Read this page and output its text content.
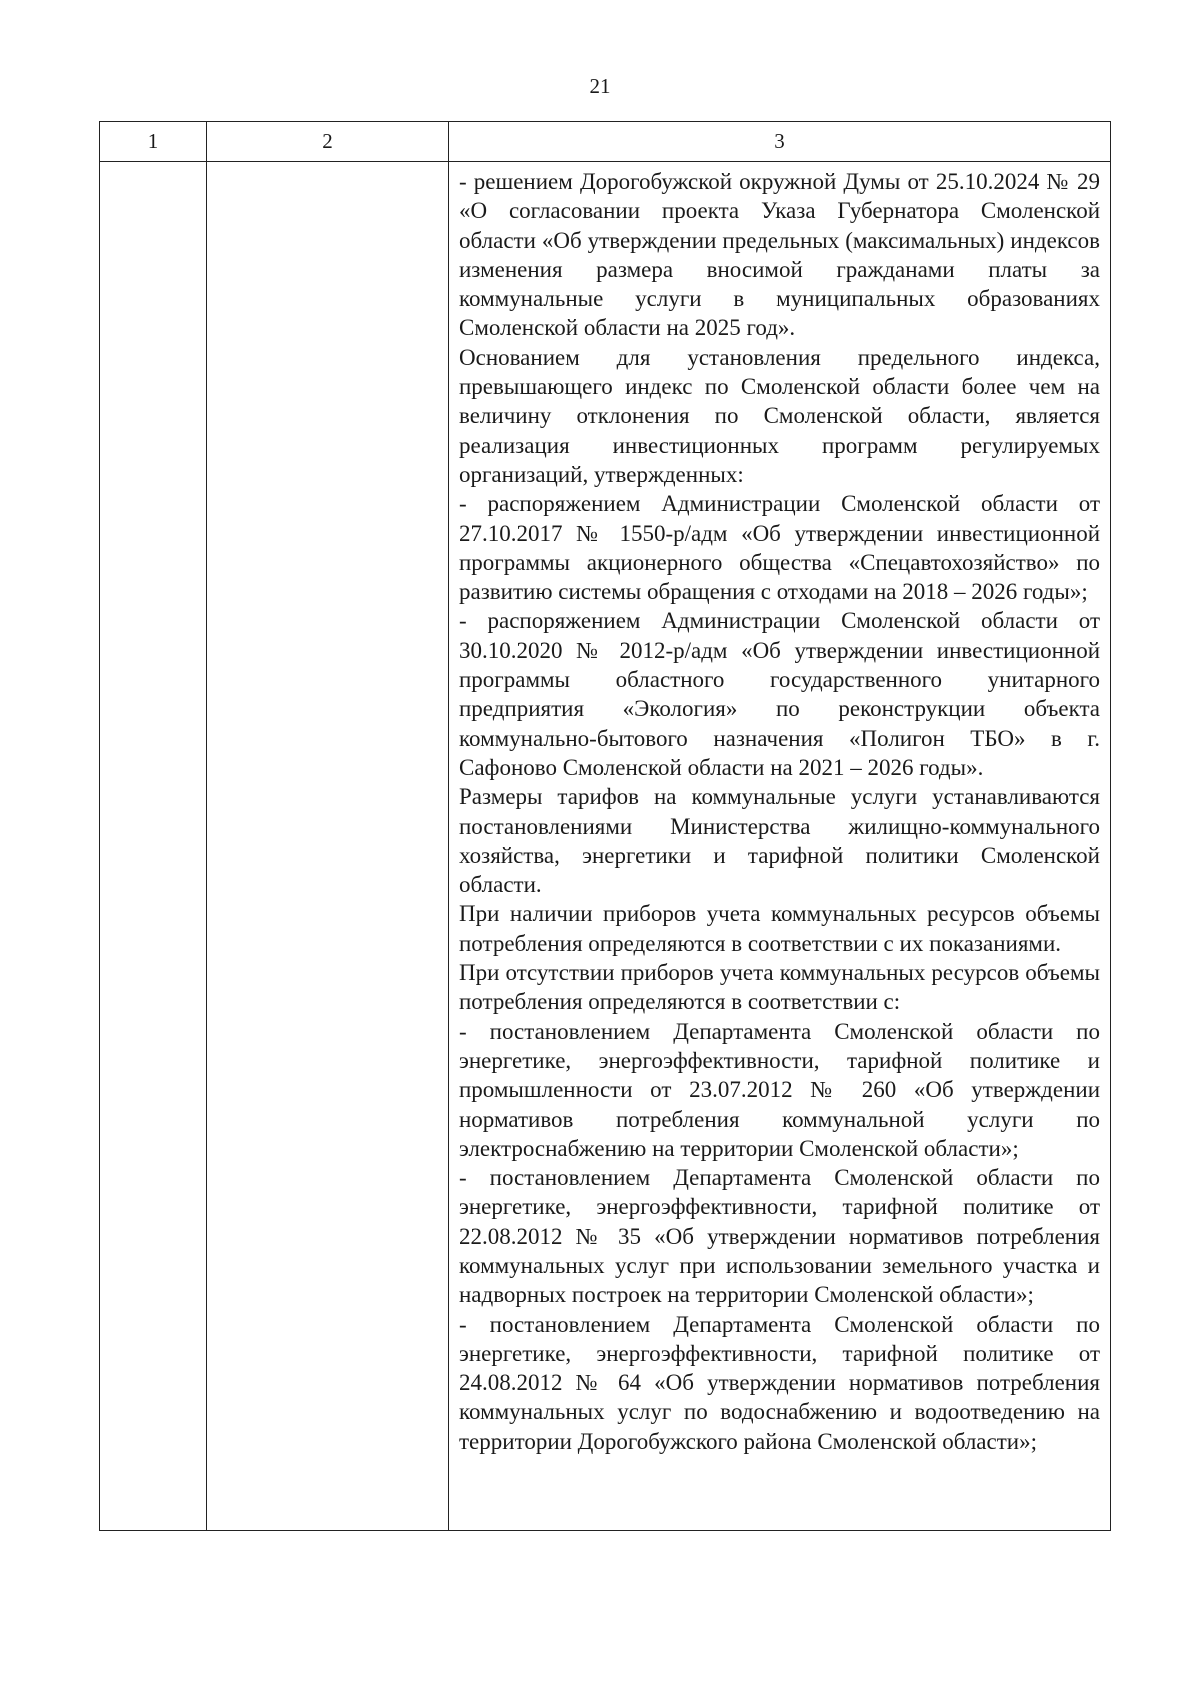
21
1	2	3

- решением Дорогобужской окружной Думы от 25.10.2024 № 29 «О согласовании проекта Указа Губернатора Смоленской области «Об утверждении предельных (максимальных) индексов изменения размера вносимой гражданами платы за коммунальные услуги в муниципальных образованиях Смоленской области на 2025 год».

Основанием для установления предельного индекса, превышающего индекс по Смоленской области более чем на величину отклонения по Смоленской области, является реализация инвестиционных программ регулируемых организаций, утвержденных:

- распоряжением Администрации Смоленской области от 27.10.2017 № 1550-р/адм «Об утверждении инвестиционной программы акционерного общества «Спецавтохозяйство» по развитию системы обращения с отходами на 2018 – 2026 годы»;

- распоряжением Администрации Смоленской области от 30.10.2020 № 2012-р/адм «Об утверждении инвестиционной программы областного государственного унитарного предприятия «Экология» по реконструкции объекта коммунально-бытового назначения «Полигон ТБО» в г. Сафоново Смоленской области на 2021 – 2026 годы».

Размеры тарифов на коммунальные услуги устанавливаются постановлениями Министерства жилищно-коммунального хозяйства, энергетики и тарифной политики Смоленской области.

При наличии приборов учета коммунальных ресурсов объемы потребления определяются в соответствии с их показаниями.

При отсутствии приборов учета коммунальных ресурсов объемы потребления определяются в соответствии с:

- постановлением Департамента Смоленской области по энергетике, энергоэффективности, тарифной политике и промышленности от 23.07.2012 № 260 «Об утверждении нормативов потребления коммунальной услуги по электроснабжению на территории Смоленской области»;

- постановлением Департамента Смоленской области по энергетике, энергоэффективности, тарифной политике от 22.08.2012 № 35 «Об утверждении нормативов потребления коммунальных услуг при использовании земельного участка и надворных построек на территории Смоленской области»;

- постановлением Департамента Смоленской области по энергетике, энергоэффективности, тарифной политике от 24.08.2012 № 64 «Об утверждении нормативов потребления коммунальных услуг по водоснабжению и водоотведению на территории Дорогобужского района Смоленской области»;
